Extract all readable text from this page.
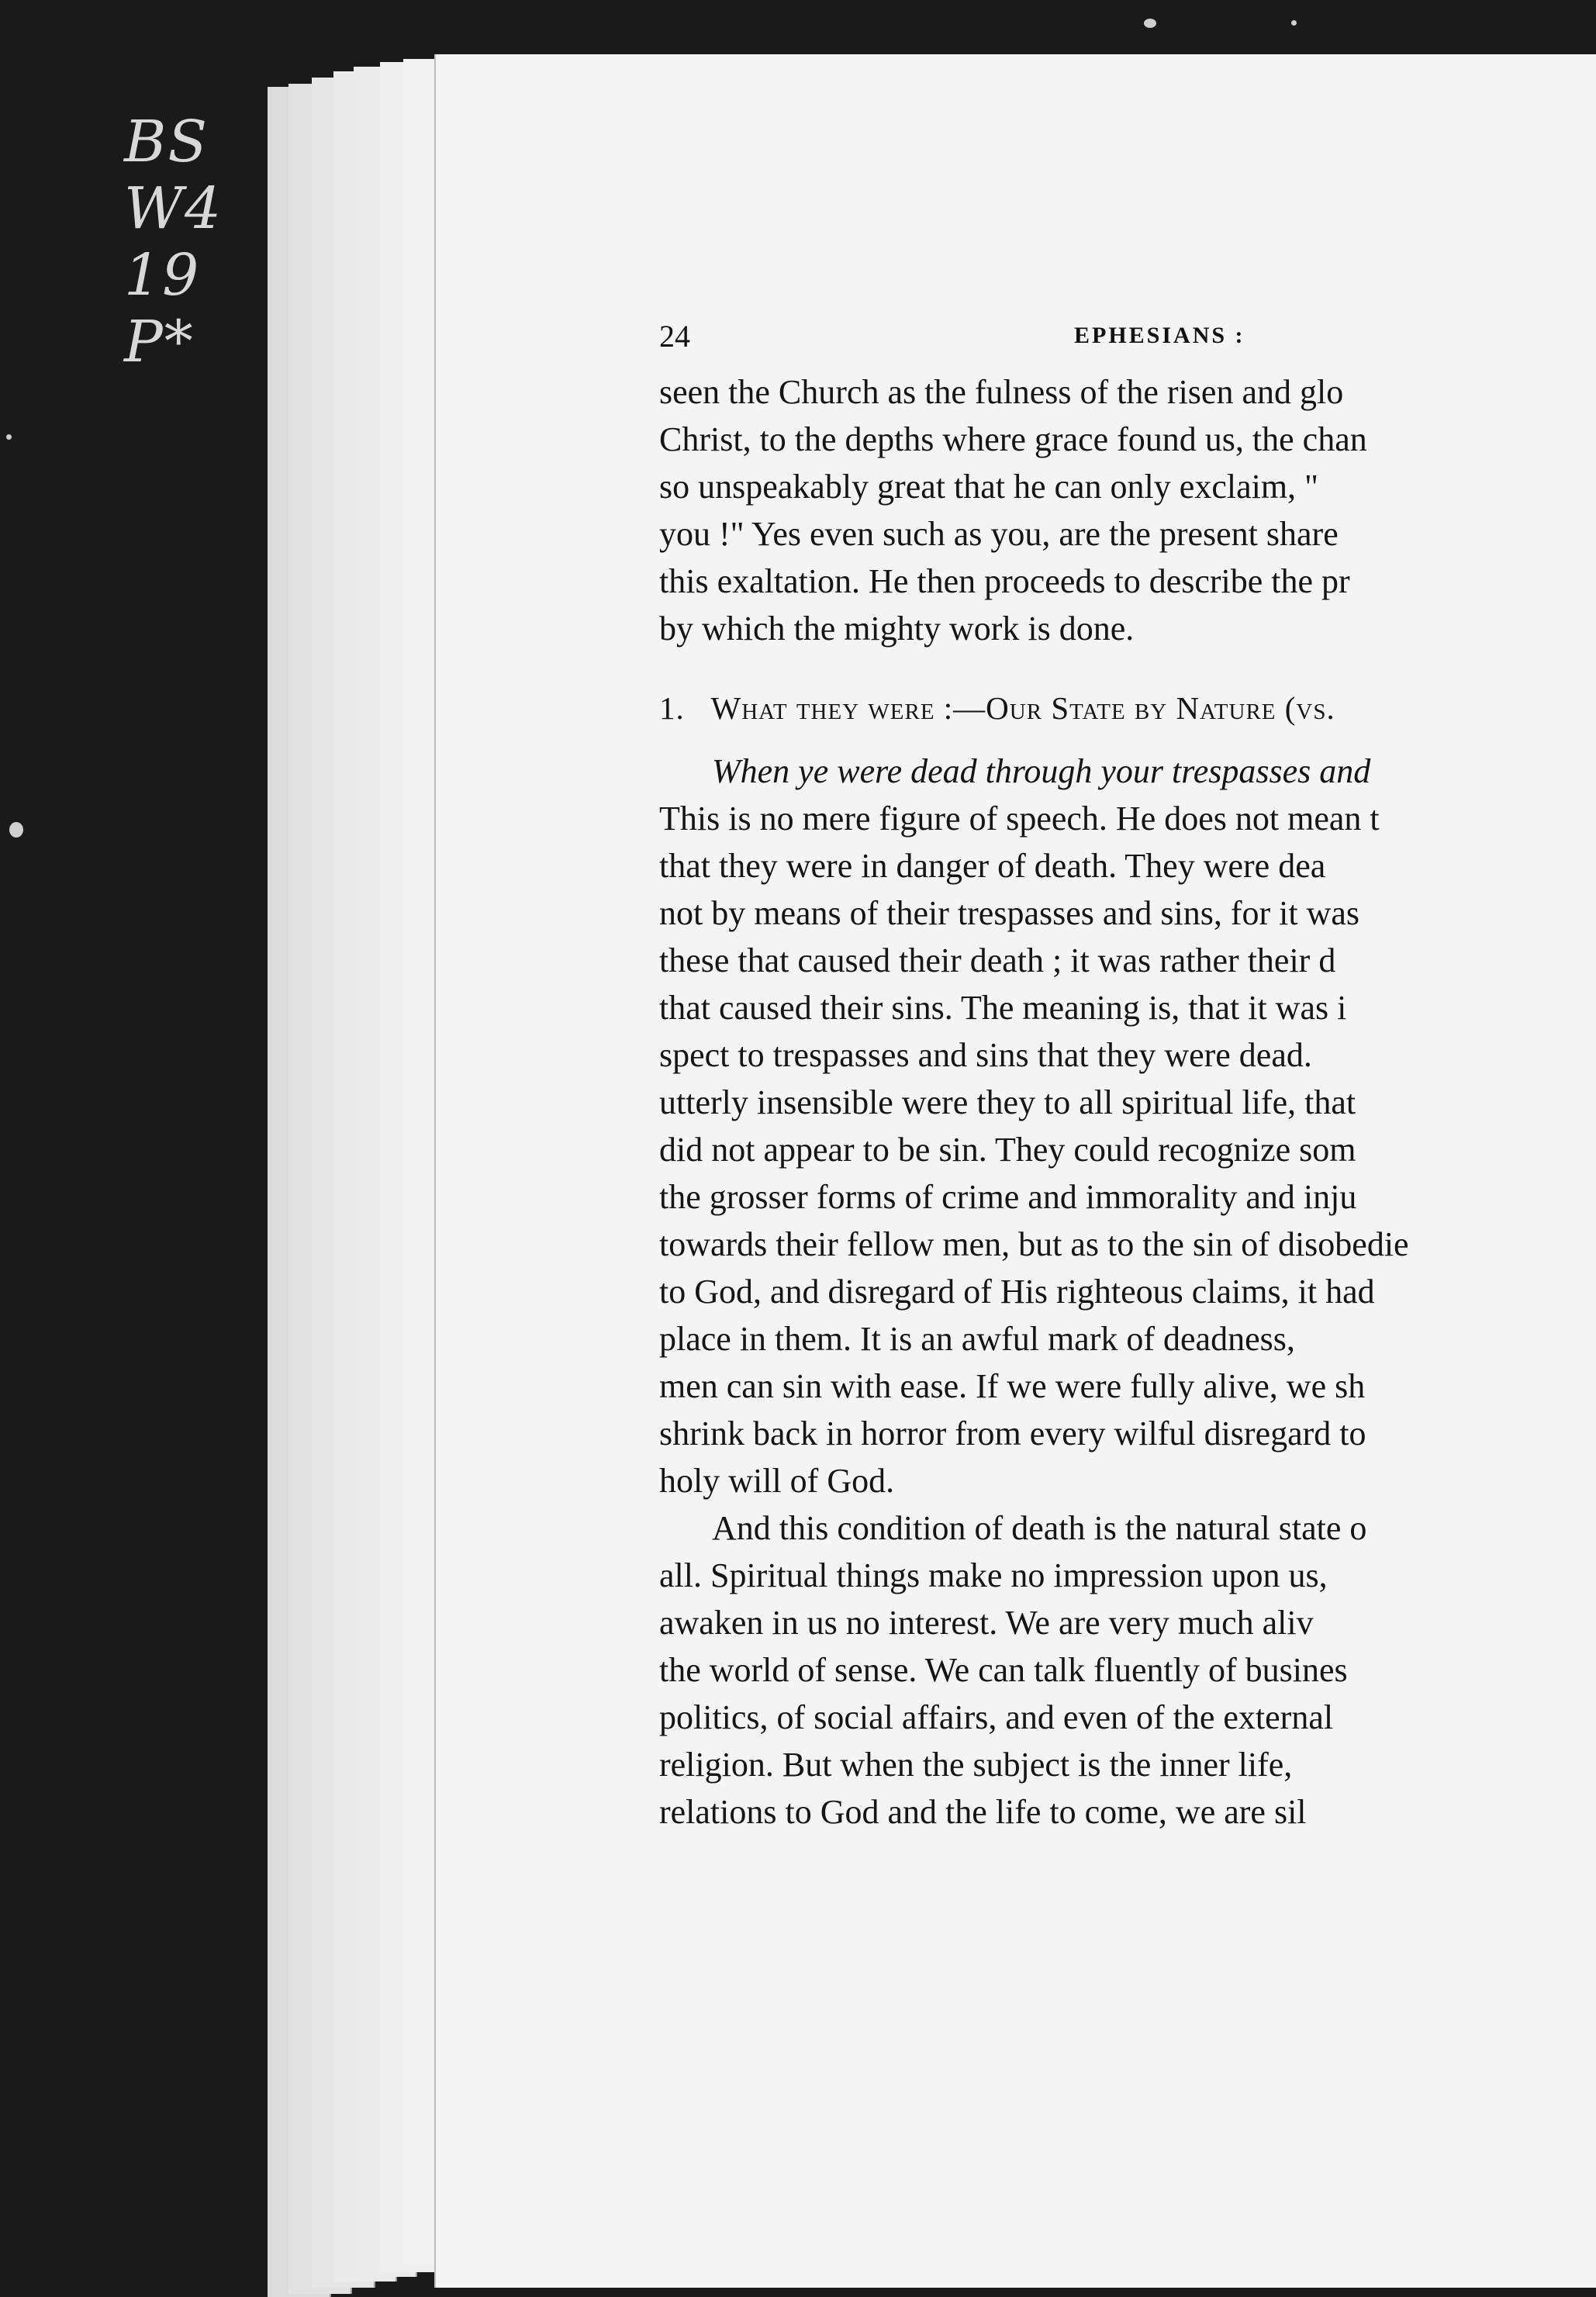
BS
W4
19
P*	24	EPHESIANS :
seen the Church as the fulness of the risen and glo
Christ, to the depths where grace found us, the chan
so unspeakably great that he can only exclaim, "
you !" Yes even such as you, are the present share
this exaltation. He then proceeds to describe the pr
by which the mighty work is done.
1. What they were :—Our State by Nature (vs.
When ye were dead through your trespasses and
This is no mere figure of speech. He does not mean t
that they were in danger of death. They were dea
not by means of their trespasses and sins, for it was
these that caused their death ; it was rather their d
that caused their sins. The meaning is, that it was i
spect to trespasses and sins that they were dead.
utterly insensible were they to all spiritual life, that
did not appear to be sin. They could recognize som
the grosser forms of crime and immorality and inju
towards their fellow men, but as to the sin of disobedie
to God, and disregard of His righteous claims, it had
place in them. It is an awful mark of deadness,
men can sin with ease. If we were fully alive, we sh
shrink back in horror from every wilful disregard to
holy will of God.
And this condition of death is the natural state o
all. Spiritual things make no impression upon us,
awaken in us no interest. We are very much aliv
the world of sense. We can talk fluently of busines
politics, of social affairs, and even of the external
religion. But when the subject is the inner life,
relations to God and the life to come, we are sil
